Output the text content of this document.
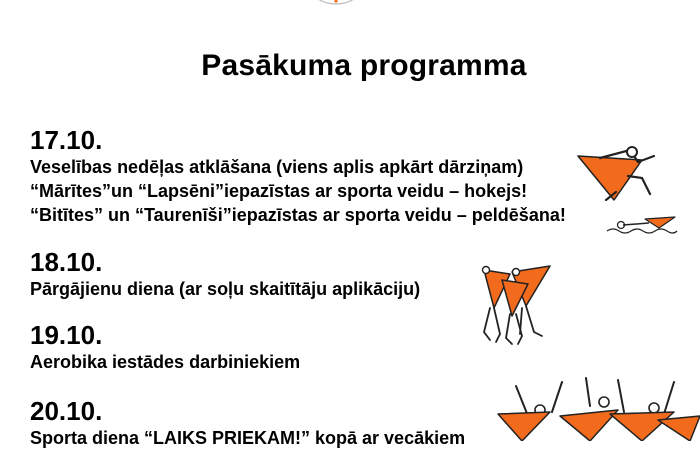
Pasākuma programma
17.10.
Veselības nedēļas atklāšana (viens aplis apkārt dārziņam)
“Mārītes”un “Lapsēni”iepazīstas ar sporta veidu – hokejs!
“Bitītes” un “Taurenīši”iepazīstas ar sporta veidu – peldēšana!
18.10.
Pārgājienu diena (ar soļu skaitītāju aplikāciju)
19.10.
Aerobika iestādes darbiniekiem
20.10.
Sporta diena “LAIKS PRIEKAM!” kopā ar vecākiem
